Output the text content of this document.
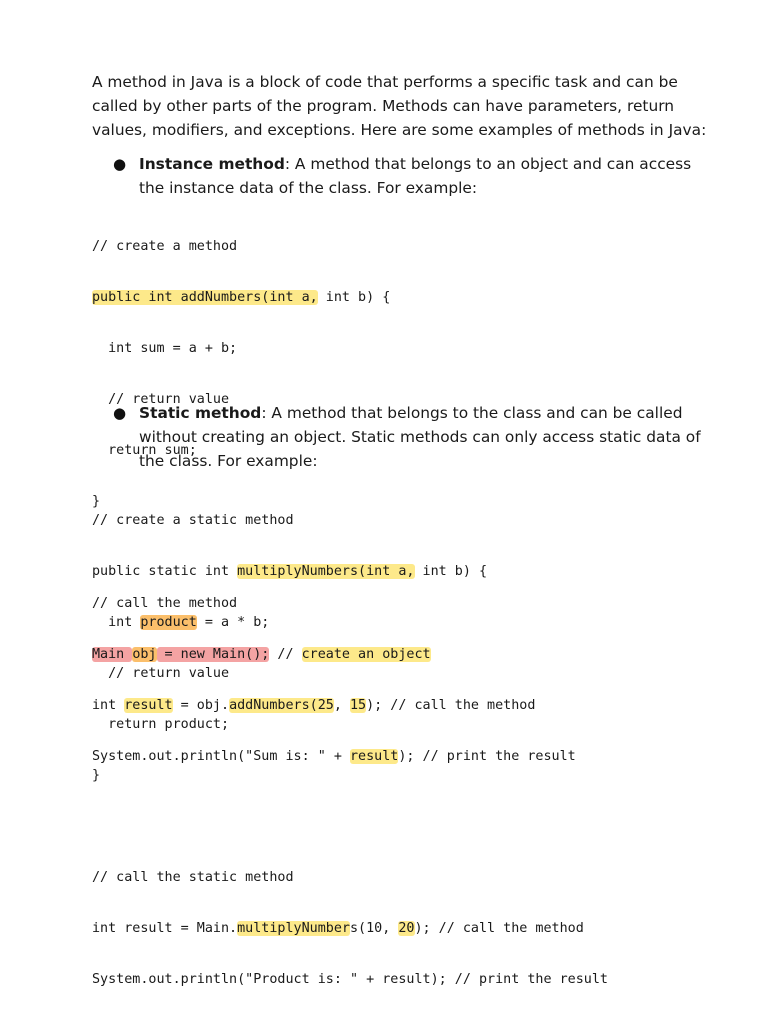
A method in Java is a block of code that performs a specific task and can be
called by other parts of the program. Methods can have parameters, return
values, modifiers, and exceptions. Here are some examples of methods in Java:

● Instance method: A method that belongs to an object and can access
the instance data of the class. For example:

// create a method

public int addNumbers(int a, int b) {

int sum = a + b;

// return value

return sum;

}

// call the method

Main obj = new Main(); // create an object

int result = obj.addNumbers(25, 15); // call the method

System.out.println("Sum is: " + result); // print the result

● Static method: A method that belongs to the class and can be called
without creating an object. Static methods can only access static data of
the class. For example:

// create a static method

public static int multiplyNumbers(int a, int b) {

int product = a * b;

// return value

return product;

}

// call the static method

int result = Main.multiplyNumbers(10, 20); // call the method

System.out.println("Product is: " + result); // print the result
